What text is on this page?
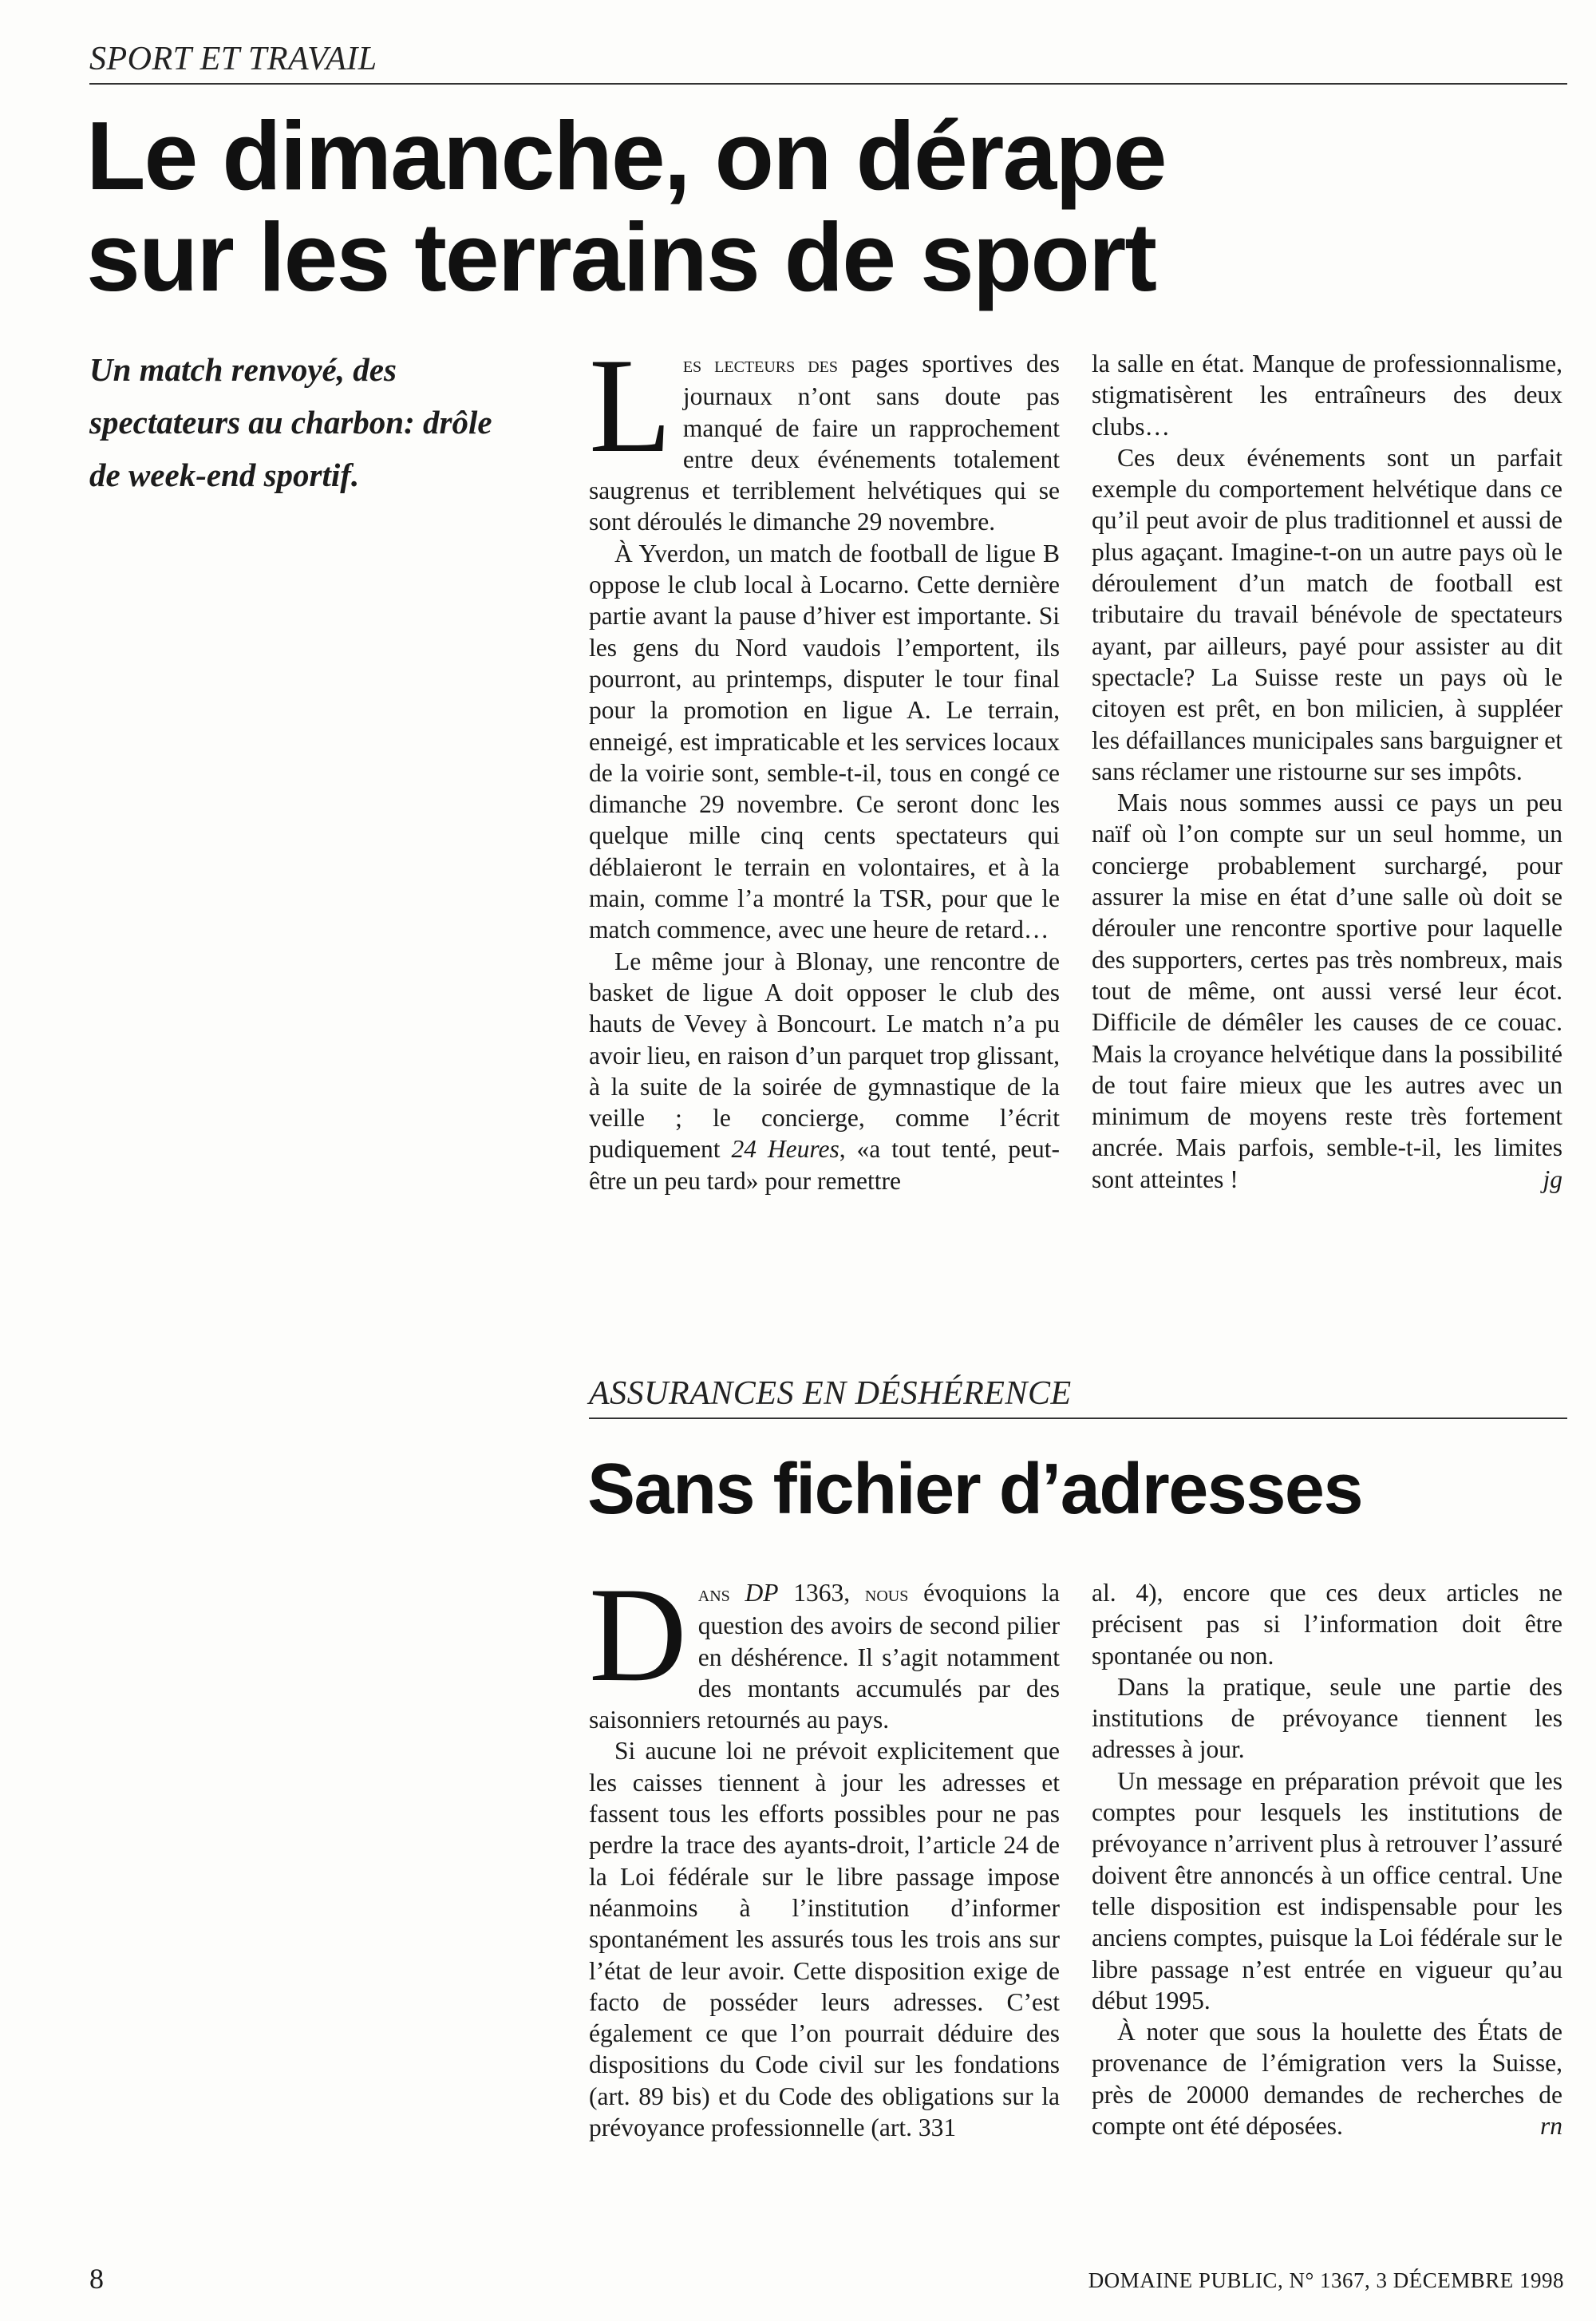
SPORT ET TRAVAIL
Le dimanche, on dérape
sur les terrains de sport
Un match renvoyé, des spectateurs au charbon: drôle de week-end sportif.	Les lecteurs des pages sportives des journaux n’ont sans doute pas manqué de faire un rapprochement entre deux événements totalement saugrenus et terriblement helvétiques qui se sont déroulés le dimanche 29 novembre.

À Yverdon, un match de football de ligue B oppose le club local à Locarno. Cette dernière partie avant la pause d’hiver est importante. Si les gens du Nord vaudois l’emportent, ils pourront, au printemps, disputer le tour final pour la promotion en ligue A. Le terrain, enneigé, est impraticable et les services locaux de la voirie sont, semble-t-il, tous en congé ce dimanche 29 novembre. Ce seront donc les quelque mille cinq cents spectateurs qui déblaieront le terrain en volontaires, et à la main, comme l’a montré la TSR, pour que le match commence, avec une heure de retard…

Le même jour à Blonay, une rencontre de basket de ligue A doit opposer le club des hauts de Vevey à Boncourt. Le match n’a pu avoir lieu, en raison d’un parquet trop glissant, à la suite de la soirée de gymnastique de la veille ; le concierge, comme l’écrit pudiquement 24 Heures, «a tout tenté, peut-être un peu tard» pour remettre

la salle en état. Manque de professionnalisme, stigmatisèrent les entraîneurs des deux clubs…

Ces deux événements sont un parfait exemple du comportement helvétique dans ce qu’il peut avoir de plus traditionnel et aussi de plus agaçant. Imagine-t-on un autre pays où le déroulement d’un match de football est tributaire du travail bénévole de spectateurs ayant, par ailleurs, payé pour assister au dit spectacle? La Suisse reste un pays où le citoyen est prêt, en bon milicien, à suppléer les défaillances municipales sans barguigner et sans réclamer une ristourne sur ses impôts.

Mais nous sommes aussi ce pays un peu naïf où l’on compte sur un seul homme, un concierge probablement surchargé, pour assurer la mise en état d’une salle où doit se dérouler une rencontre sportive pour laquelle des supporters, certes pas très nombreux, mais tout de même, ont aussi versé leur écot. Difficile de démêler les causes de ce couac. Mais la croyance helvétique dans la possibilité de tout faire mieux que les autres avec un minimum de moyens reste très fortement ancrée. Mais parfois, semble-t-il, les limites sont atteintes !	jg

ASSURANCES EN DÉSHÉRENCE
Sans fichier d’adresses

Dans DP 1363, nous évoquions la question des avoirs de second pilier en déshérence. Il s’agit notamment des montants accumulés par des saisonniers retournés au pays.

Si aucune loi ne prévoit explicitement que les caisses tiennent à jour les adresses et fassent tous les efforts possibles pour ne pas perdre la trace des ayants-droit, l’article 24 de la Loi fédérale sur le libre passage impose néanmoins à l’institution d’informer spontanément les assurés tous les trois ans sur l’état de leur avoir. Cette disposition exige de facto de posséder leurs adresses. C’est également ce que l’on pourrait déduire des dispositions du Code civil sur les fondations (art. 89 bis) et du Code des obligations sur la prévoyance professionnelle (art. 331

al. 4), encore que ces deux articles ne précisent pas si l’information doit être spontanée ou non.

Dans la pratique, seule une partie des institutions de prévoyance tiennent les adresses à jour.

Un message en préparation prévoit que les comptes pour lesquels les institutions de prévoyance n’arrivent plus à retrouver l’assuré doivent être annoncés à un office central. Une telle disposition est indispensable pour les anciens comptes, puisque la Loi fédérale sur le libre passage n’est entrée en vigueur qu’au début 1995.

À noter que sous la houlette des États de provenance de l’émigration vers la Suisse, près de 20000 demandes de recherches de compte ont été déposées.	rn

8	DOMAINE PUBLIC, N° 1367, 3 DÉCEMBRE 1998
